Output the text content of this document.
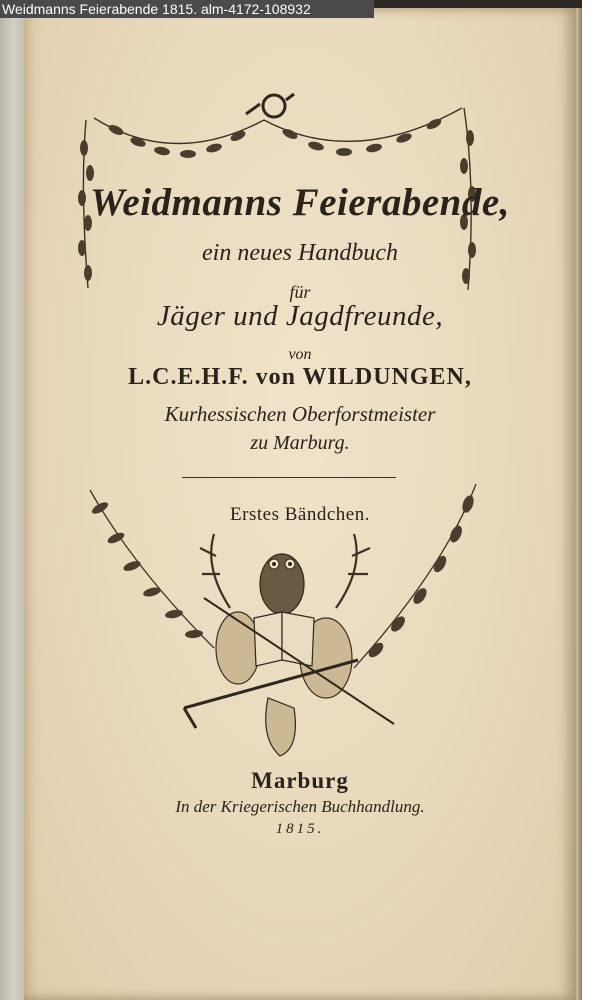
Weidmanns Feierabende,
ein neues Handbuch
für
Jäger und Jagdfreunde,
von
L.C.E.H.F. von WILDUNGEN,
Kurhessischen Oberforstmeister
zu Marburg.
Erstes Bändchen.
Marburg
In der Kriegerischen Buchhandlung.
1815.
Weidmanns Feierabende 1815. alm-4172-108932
